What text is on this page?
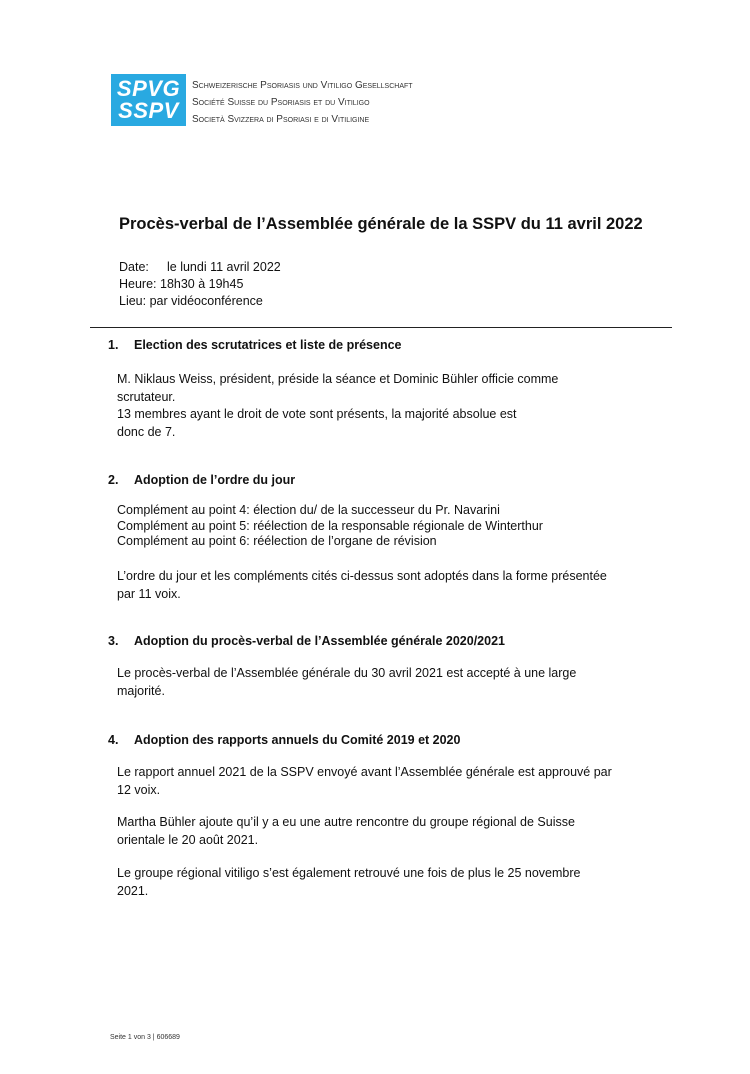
SPVG
SSPV
Schweizerische Psoriasis und Vitiligo Gesellschaft
Société Suisse du Psoriasis et du Vitiligo
Società Svizzera di Psoriasi e di Vitiligine
Procès-verbal de l’Assemblée générale de la SSPV du 11 avril 2022
Date: le lundi 11 avril 2022
Heure: 18h30 à 19h45
Lieu: par vidéoconférence
1. Election des scrutatrices et liste de présence
M. Niklaus Weiss, président, préside la séance et Dominic Bühler officie comme
scrutateur.
13 membres ayant le droit de vote sont présents, la majorité absolue est
donc de 7.
2. Adoption de l’ordre du jour
Complément au point 4: élection du/ de la successeur du Pr. Navarini
Complément au point 5: réélection de la responsable régionale de Winterthur
Complément au point 6: réélection de l’organe de révision
L’ordre du jour et les compléments cités ci-dessus sont adoptés dans la forme présentée
par 11 voix.
3. Adoption du procès-verbal de l’Assemblée générale 2020/2021
Le procès-verbal de l’Assemblée générale du 30 avril 2021 est accepté à une large
majorité.
4. Adoption des rapports annuels du Comité 2019 et 2020
Le rapport annuel 2021 de la SSPV envoyé avant l’Assemblée générale est approuvé par
12 voix.
Martha Bühler ajoute qu’il y a eu une autre rencontre du groupe régional de Suisse
orientale le 20 août 2021.
Le groupe régional vitiligo s’est également retrouvé une fois de plus le 25 novembre
2021.
Seite 1 von 3 | 606689
